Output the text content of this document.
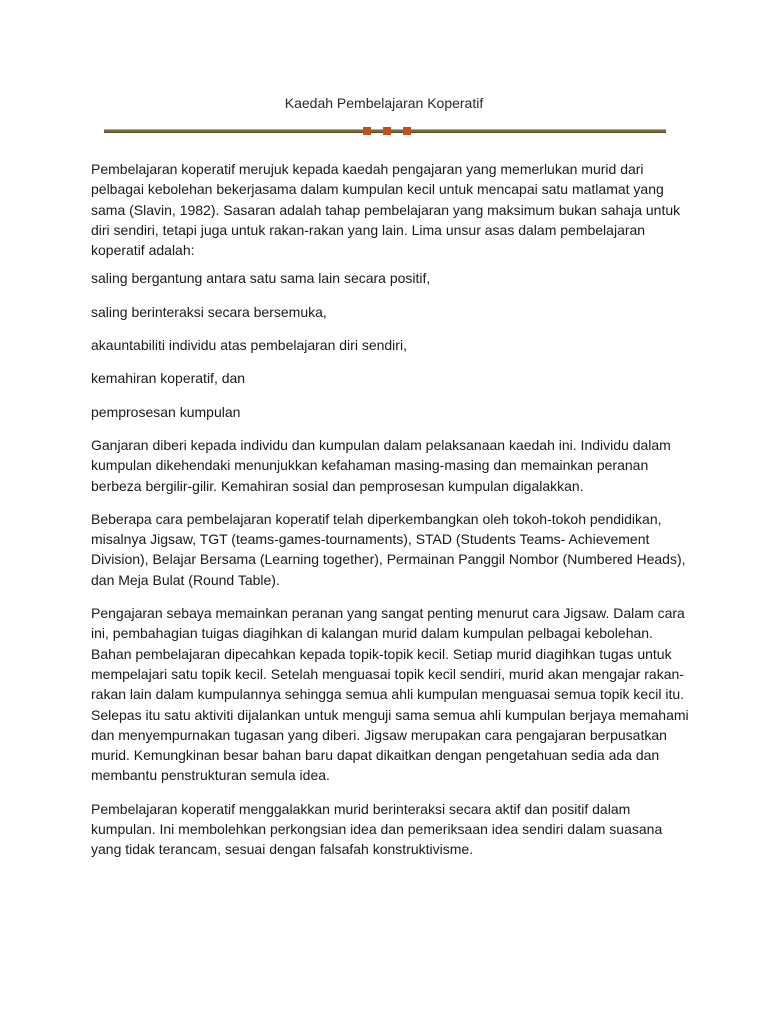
Kaedah Pembelajaran Koperatif

Pembelajaran koperatif merujuk kepada kaedah pengajaran yang memerlukan murid dari pelbagai kebolehan bekerjasama dalam kumpulan kecil untuk mencapai satu matlamat yang sama (Slavin, 1982). Sasaran adalah tahap pembelajaran yang maksimum bukan sahaja untuk diri sendiri, tetapi juga untuk rakan-rakan yang lain. Lima unsur asas dalam pembelajaran koperatif adalah:

saling bergantung antara satu sama lain secara positif,

saling berinteraksi secara bersemuka,

akauntabiliti individu atas pembelajaran diri sendiri,

kemahiran koperatif, dan

pemprosesan kumpulan

Ganjaran diberi kepada individu dan kumpulan dalam pelaksanaan kaedah ini. Individu dalam kumpulan dikehendaki menunjukkan kefahaman masing-masing dan memainkan peranan berbeza bergilir-gilir. Kemahiran sosial dan pemprosesan kumpulan digalakkan.

Beberapa cara pembelajaran koperatif telah diperkembangkan oleh tokoh-tokoh pendidikan, misalnya Jigsaw, TGT (teams-games-tournaments), STAD (Students Teams- Achievement Division), Belajar Bersama (Learning together), Permainan Panggil Nombor (Numbered Heads), dan Meja Bulat (Round Table).

Pengajaran sebaya memainkan peranan yang sangat penting menurut cara Jigsaw. Dalam cara ini, pembahagian tuigas diagihkan di kalangan murid dalam kumpulan pelbagai kebolehan. Bahan pembelajaran dipecahkan kepada topik-topik kecil. Setiap murid diagihkan tugas untuk mempelajari satu topik kecil. Setelah menguasai topik kecil sendiri, murid akan mengajar rakan-rakan lain dalam kumpulannya sehingga semua ahli kumpulan menguasai semua topik kecil itu. Selepas itu satu aktiviti dijalankan untuk menguji sama semua ahli kumpulan berjaya memahami dan menyempurnakan tugasan yang diberi. Jigsaw merupakan cara pengajaran berpusatkan murid. Kemungkinan besar bahan baru dapat dikaitkan dengan pengetahuan sedia ada dan membantu penstrukturan semula idea.

Pembelajaran koperatif menggalakkan murid berinteraksi secara aktif dan positif dalam kumpulan. Ini membolehkan perkongsian idea dan pemeriksaan idea sendiri dalam suasana yang tidak terancam, sesuai dengan falsafah konstruktivisme.
